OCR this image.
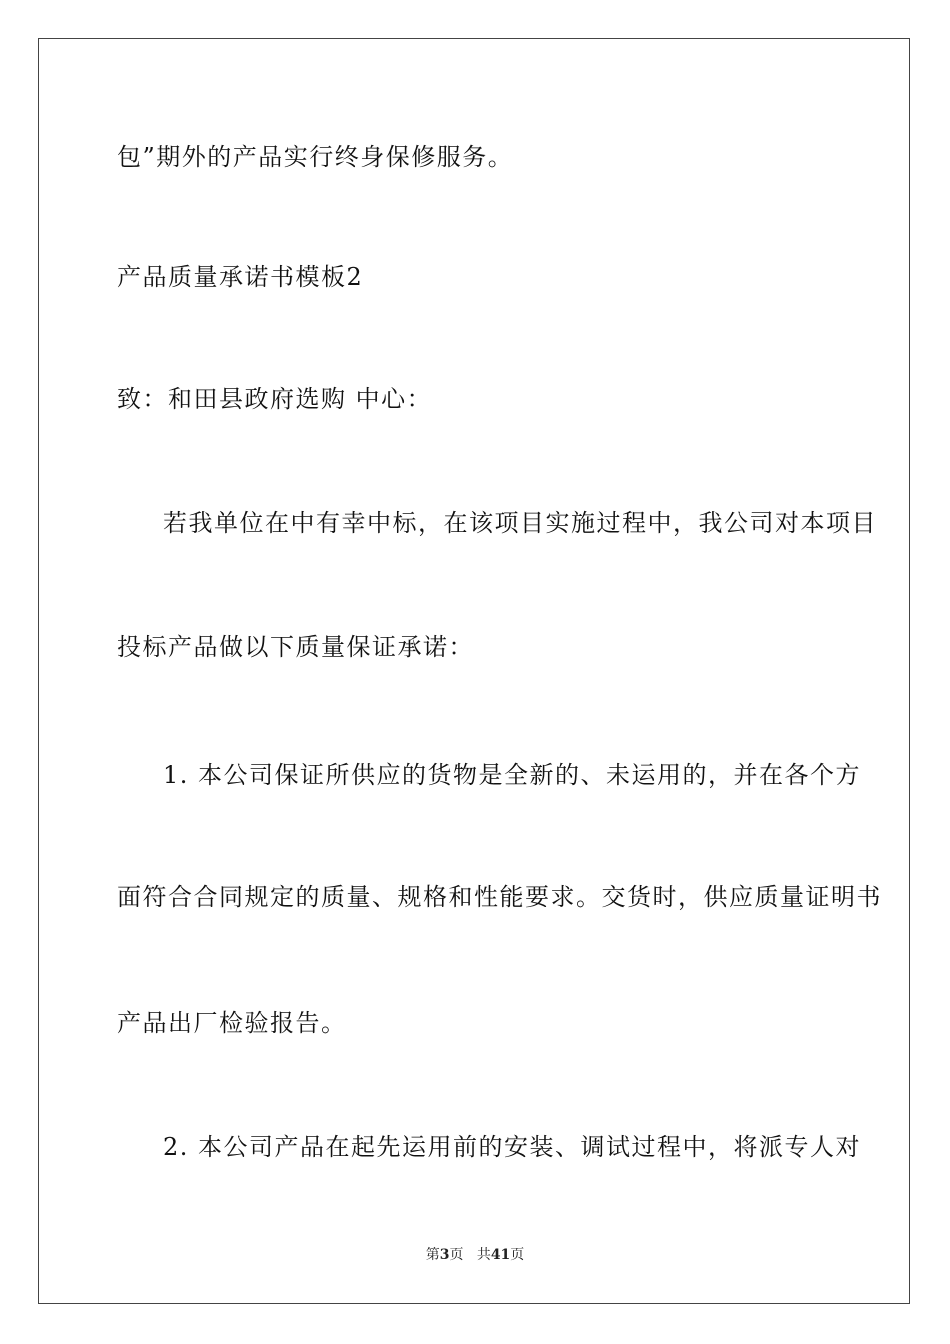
包”期外的产品实行终身保修服务。
产品质量承诺书模板2
致：和田县政府选购 中心：
若我单位在中有幸中标，在该项目实施过程中，我公司对本项目
投标产品做以下质量保证承诺：
1. 本公司保证所供应的货物是全新的、未运用的，并在各个方
面符合合同规定的质量、规格和性能要求。交货时，供应质量证明书
产品出厂检验报告。
2. 本公司产品在起先运用前的安装、调试过程中，将派专人对
第3页 共41页
